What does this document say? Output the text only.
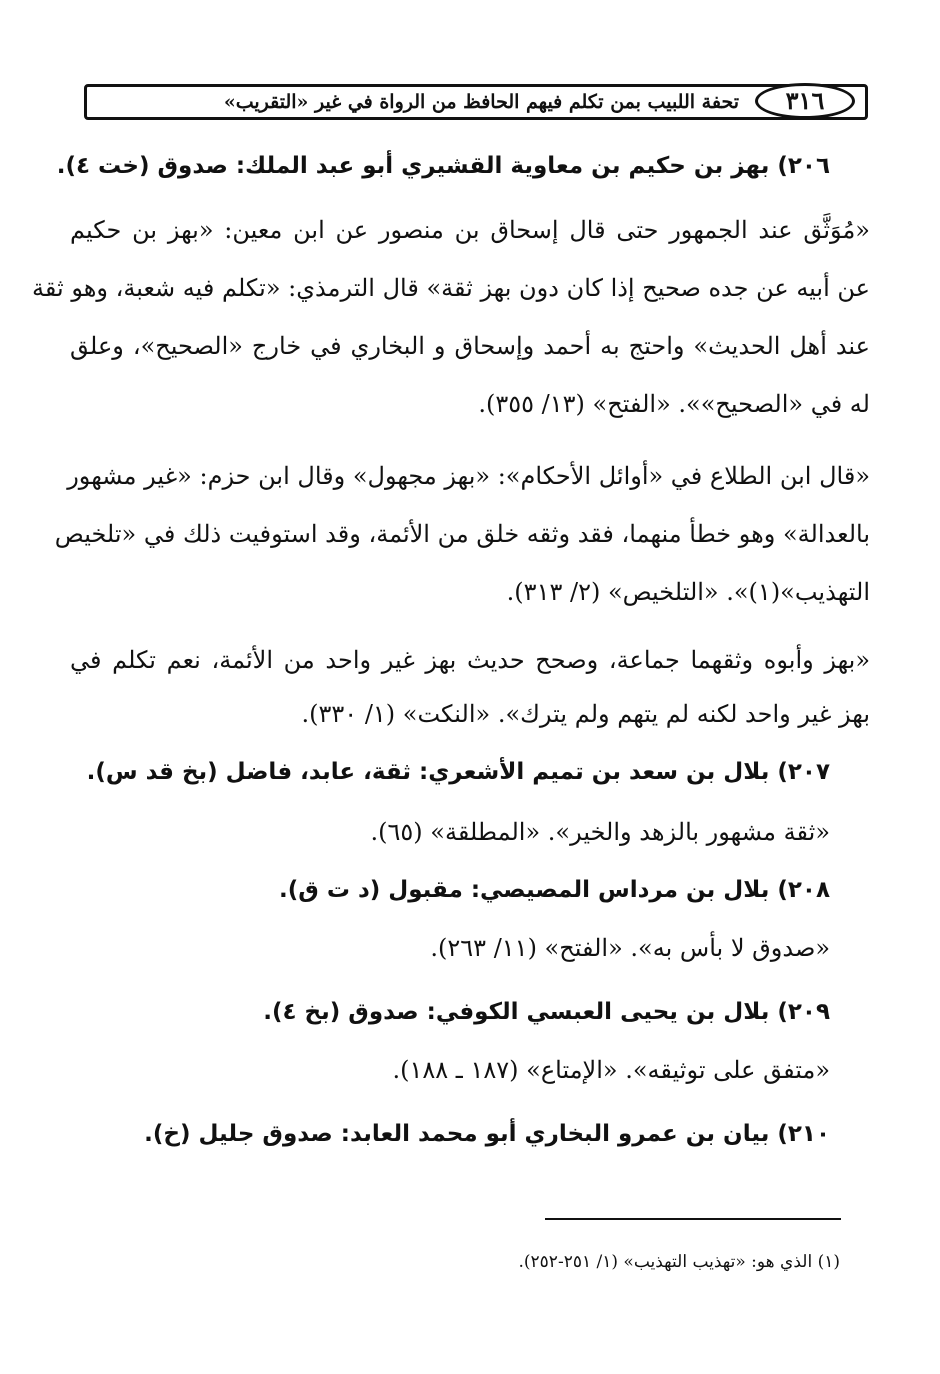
٣١٦
تحفة اللبيب بمن تكلم فيهم الحافظ من الرواة في غير «التقريب»
٢٠٦) بهز بن حكيم بن معاوية القشيري أبو عبد الملك: صدوق (خت ٤).
«مُوَثَّق عند الجمهور حتى قال إسحاق بن منصور عن ابن معين: «بهز بن حكيم
عن أبيه عن جده صحيح إذا كان دون بهز ثقة» قال الترمذي: «تكلم فيه شعبة، وهو ثقة
عند أهل الحديث» واحتج به أحمد وإسحاق و البخاري في خارج «الصحيح»، وعلق
له في «الصحيح»». «الفتح» (١٣/ ٣٥٥).
«قال ابن الطلاع في «أوائل الأحكام»: «بهز مجهول» وقال ابن حزم: «غير مشهور
بالعدالة» وهو خطأ منهما، فقد وثقه خلق من الأئمة، وقد استوفيت ذلك في «تلخيص
التهذيب»(١)». «التلخيص» (٢/ ٣١٣).
«بهز وأبوه وثقهما جماعة، وصحح حديث بهز غير واحد من الأئمة، نعم تكلم في
بهز غير واحد لكنه لم يتهم ولم يترك». «النكت» (١/ ٣٣٠).
٢٠٧) بلال بن سعد بن تميم الأشعري: ثقة، عابد، فاضل (بخ قد س).
«ثقة مشهور بالزهد والخير». «المطلقة» (٦٥).
٢٠٨) بلال بن مرداس المصيصي: مقبول (د ت ق).
«صدوق لا بأس به». «الفتح» (١١/ ٢٦٣).
٢٠٩) بلال بن يحيى العبسي الكوفي: صدوق (بخ ٤).
«متفق على توثيقه». «الإمتاع» (١٨٧ ـ ١٨٨).
٢١٠) بيان بن عمرو البخاري أبو محمد العابد: صدوق جليل (خ).
(١) الذي هو: «تهذيب التهذيب» (١/ ٢٥١-٢٥٢).
